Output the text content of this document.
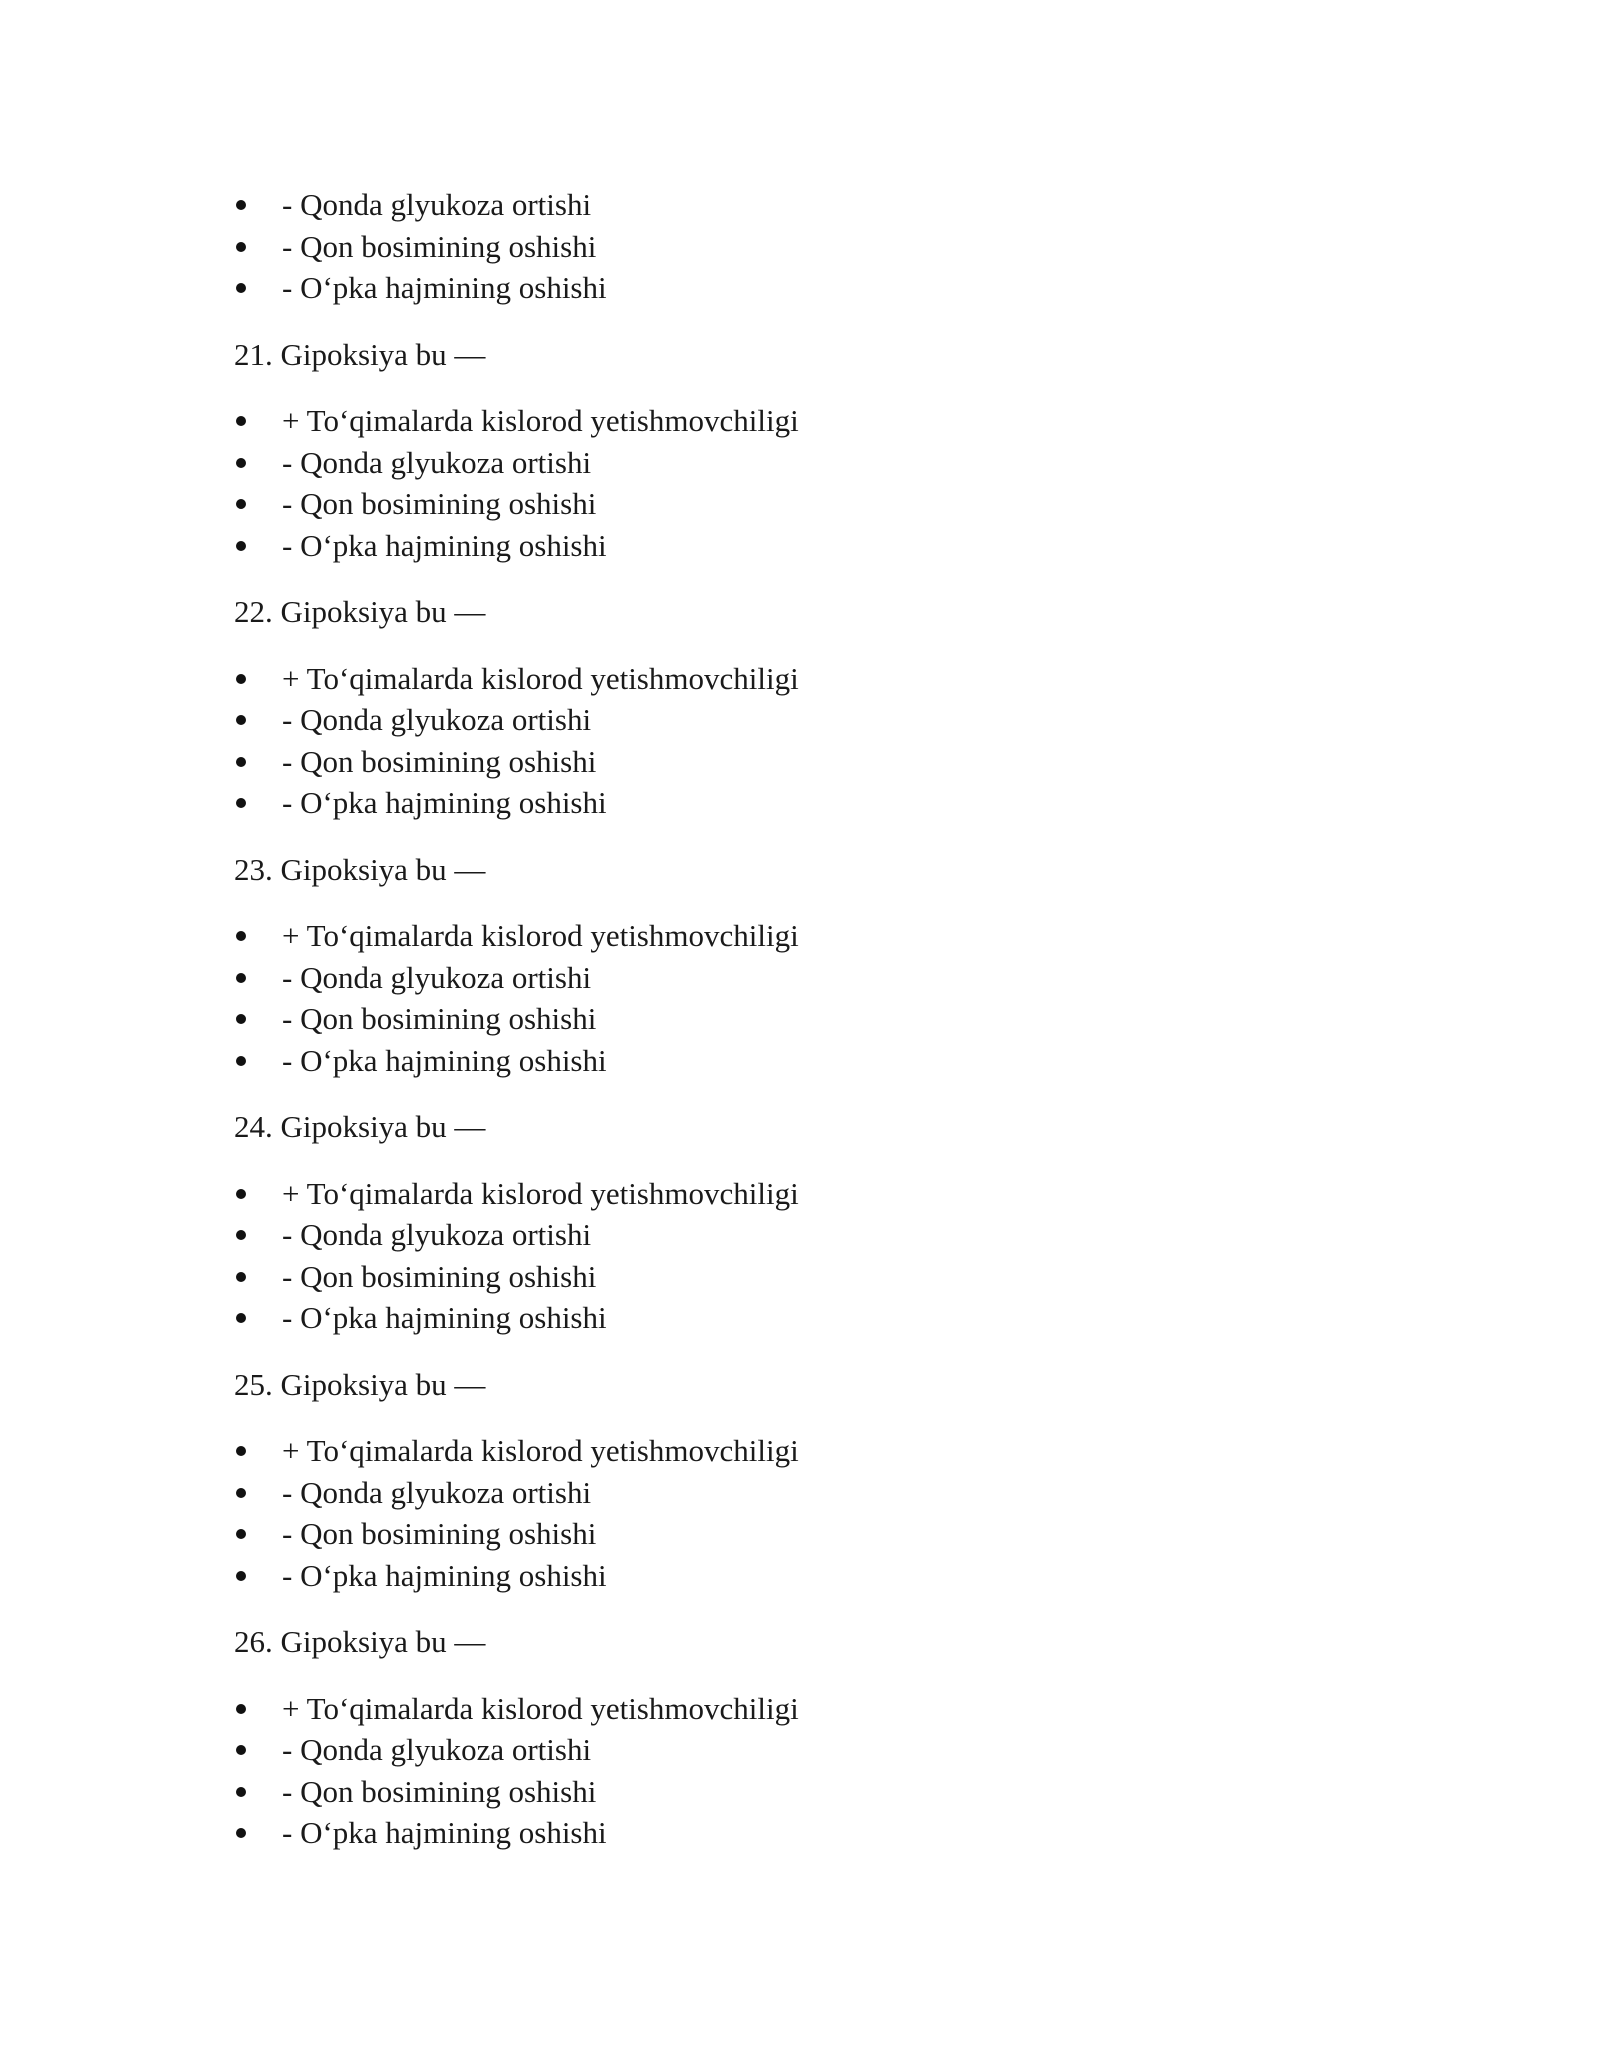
- Qonda glyukoza ortishi
- Qon bosimining oshishi
- O‘pka hajmining oshishi
21. Gipoksiya bu —
+ To‘qimalarda kislorod yetishmovchiligi
- Qonda glyukoza ortishi
- Qon bosimining oshishi
- O‘pka hajmining oshishi
22. Gipoksiya bu —
+ To‘qimalarda kislorod yetishmovchiligi
- Qonda glyukoza ortishi
- Qon bosimining oshishi
- O‘pka hajmining oshishi
23. Gipoksiya bu —
+ To‘qimalarda kislorod yetishmovchiligi
- Qonda glyukoza ortishi
- Qon bosimining oshishi
- O‘pka hajmining oshishi
24. Gipoksiya bu —
+ To‘qimalarda kislorod yetishmovchiligi
- Qonda glyukoza ortishi
- Qon bosimining oshishi
- O‘pka hajmining oshishi
25. Gipoksiya bu —
+ To‘qimalarda kislorod yetishmovchiligi
- Qonda glyukoza ortishi
- Qon bosimining oshishi
- O‘pka hajmining oshishi
26. Gipoksiya bu —
+ To‘qimalarda kislorod yetishmovchiligi
- Qonda glyukoza ortishi
- Qon bosimining oshishi
- O‘pka hajmining oshishi
